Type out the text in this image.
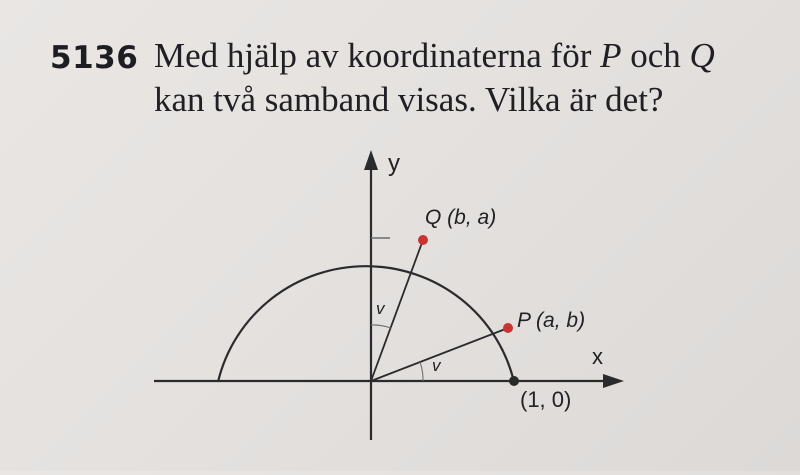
5136 Med hjälp av koordinaterna för P och Q
kan två samband visas. Vilka är det?
y
Q (b, a)
P (a, b)
x
(1, 0)
v
v
